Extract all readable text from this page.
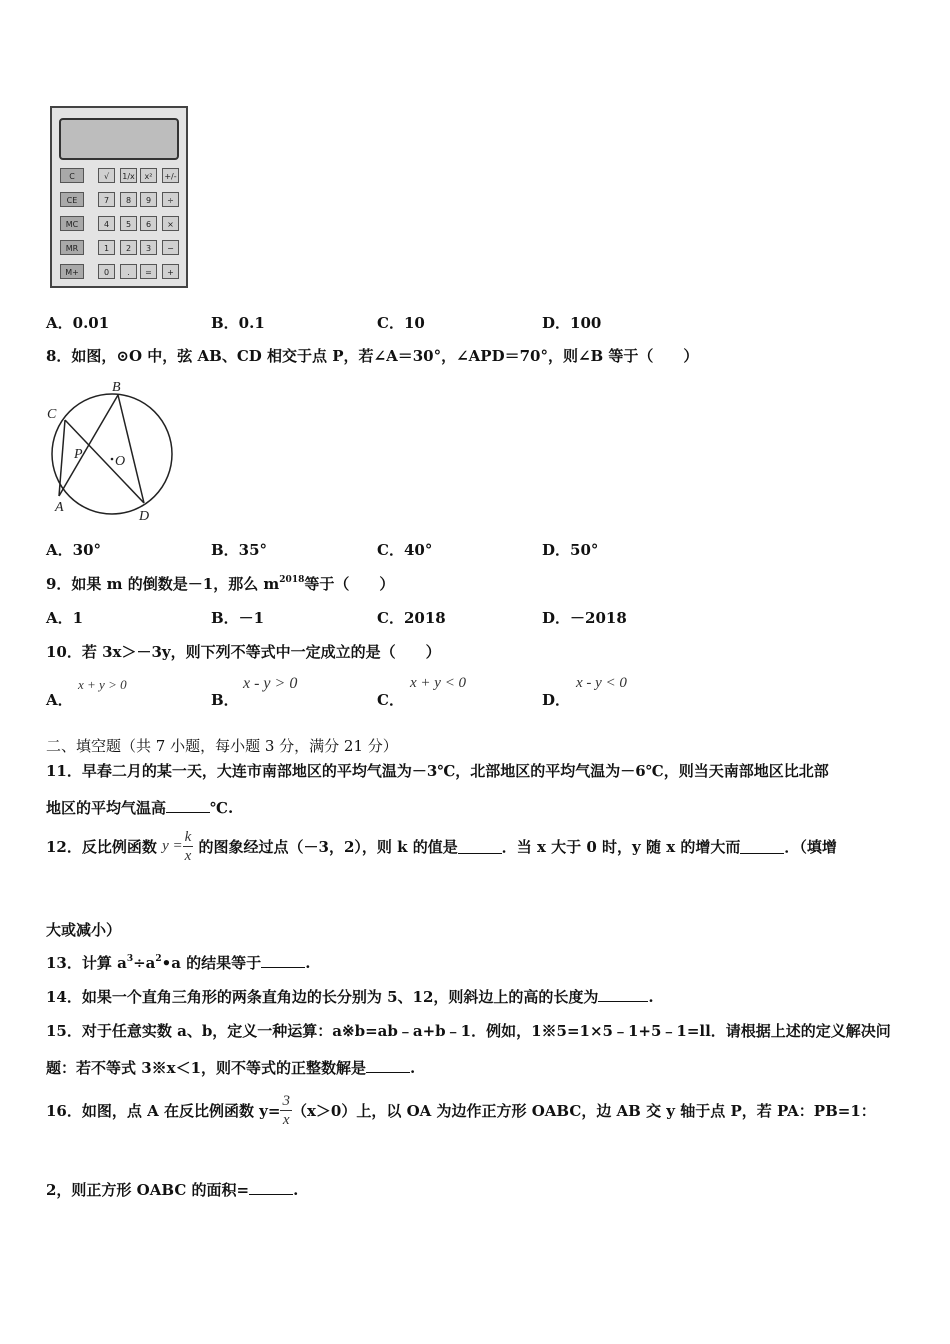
C	√	1/x	x²	+/-
CE	7	8	9	÷
MC	4	5	6	×
MR	1	2	3	−
M+	0	.	=	+
A．0.01	B．0.1	C．10	D．100
8．如图，⊙O 中，弦 AB、CD 相交于点 P，若∠A＝30°，∠APD＝70°，则∠B 等于（　　）
B
C
P O
A
D
A．30°	B．35°	C．40°	D．50°
9．如果 m 的倒数是－1，那么 $m^{2018}$等于（　　）
A．1	B．－1	C．2018	D．－2018
10．若 3x＞－3y，则下列不等式中一定成立的是（　　）
A．
x + y > 0
B．
x - y > 0
C．
x + y < 0
D．
x - y < 0
二、填空题（共 7 小题，每小题 3 分，满分 21 分）
11．早春二月的某一天，大连市南部地区的平均气温为－3℃，北部地区的平均气温为－6℃，则当天南部地区比北部
地区的平均气温高	℃.
12．反比例函数 $y = \frac{k}{x}$ 的图象经过点（－3，2），则 k 的值是	．当 x 大于 0 时，y 随 x 的增大而	．（填增
大或减小）
13．计算 $a^3\div a^2•a$ 的结果等于	.
14．如果一个直角三角形的两条直角边的长分别为 5、12，则斜边上的高的长度为	.
15．对于任意实数 a、b，定义一种运算：a※b=ab﹣a+b﹣1．例如，1※5=1×5﹣1+5﹣1=ll．请根据上述的定义解决问
题：若不等式 3※x＜1，则不等式的正整数解是	.
16．如图，点 A 在反比例函数 $y= \frac{3}{x} (x>0)$上，以 OA 为边作正方形 OABC，边 AB 交 y 轴于点 P，若 PA：PB=1：
2，则正方形 OABC 的面积=	.
